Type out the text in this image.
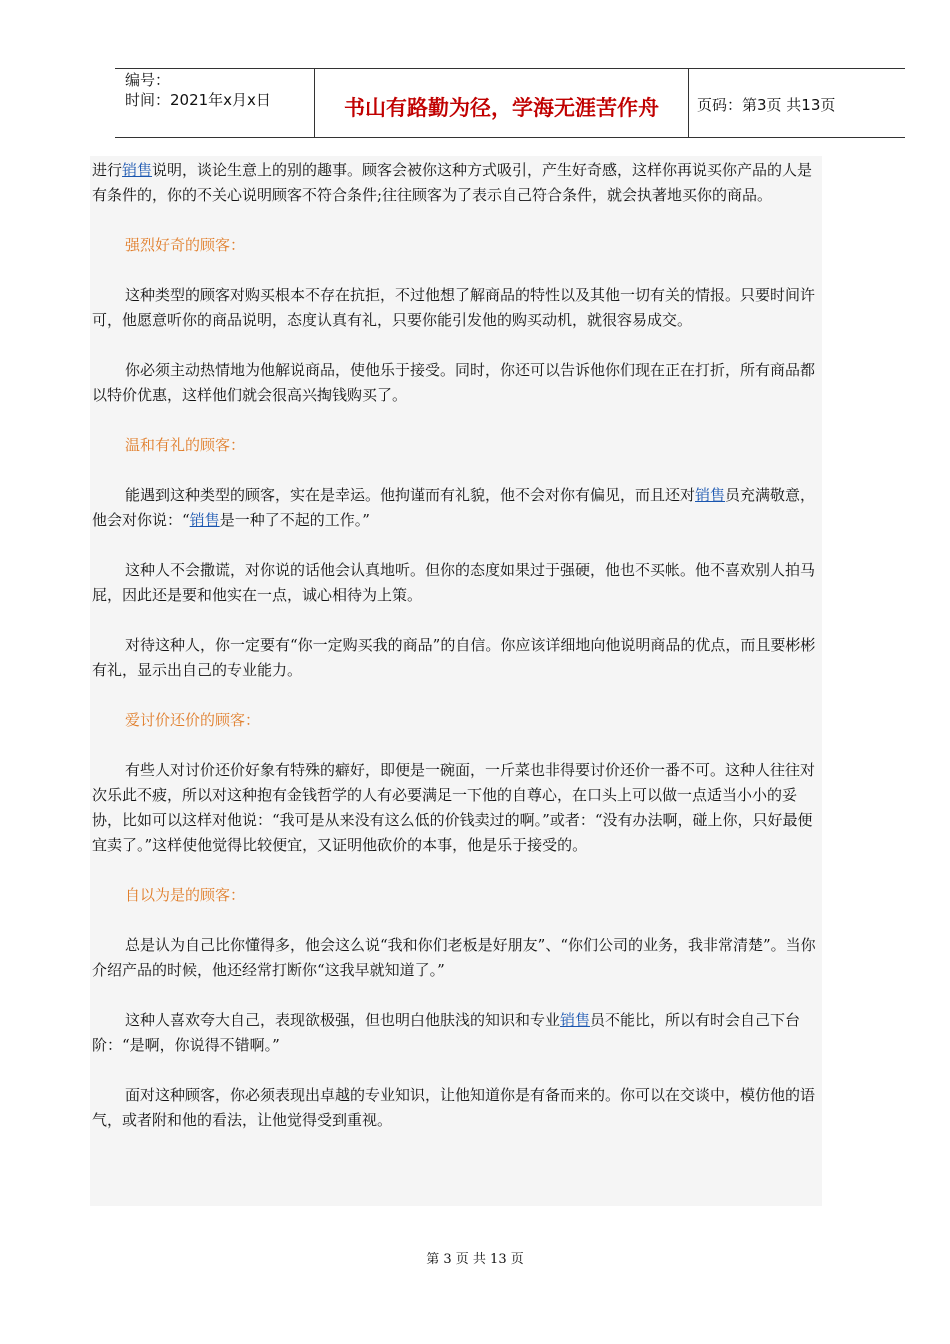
编号：
时间：2021年x月x日	书山有路勤为径，学海无涯苦作舟	页码：第3页 共13页

进行销售说明，谈论生意上的别的趣事。顾客会被你这种方式吸引，产生好奇感，这样你再说买你产品的人是有条件的，你的不关心说明顾客不符合条件;往往顾客为了表示自己符合条件，就会执著地买你的商品。

强烈好奇的顾客：

这种类型的顾客对购买根本不存在抗拒，不过他想了解商品的特性以及其他一切有关的情报。只要时间许可，他愿意听你的商品说明，态度认真有礼，只要你能引发他的购买动机，就很容易成交。

你必须主动热情地为他解说商品，使他乐于接受。同时，你还可以告诉他你们现在正在打折，所有商品都以特价优惠，这样他们就会很高兴掏钱购买了。

温和有礼的顾客：

能遇到这种类型的顾客，实在是幸运。他拘谨而有礼貌，他不会对你有偏见，而且还对销售员充满敬意，他会对你说：“销售是一种了不起的工作。”

这种人不会撒谎，对你说的话他会认真地听。但你的态度如果过于强硬，他也不买帐。他不喜欢别人拍马屁，因此还是要和他实在一点，诚心相待为上策。

对待这种人，你一定要有“你一定购买我的商品”的自信。你应该详细地向他说明商品的优点，而且要彬彬有礼，显示出自己的专业能力。

爱讨价还价的顾客：

有些人对讨价还价好象有特殊的癖好，即便是一碗面，一斤菜也非得要讨价还价一番不可。这种人往往对次乐此不疲，所以对这种抱有金钱哲学的人有必要满足一下他的自尊心，在口头上可以做一点适当小小的妥协，比如可以这样对他说：“我可是从来没有这么低的价钱卖过的啊。”或者：“没有办法啊，碰上你，只好最便宜卖了。”这样使他觉得比较便宜，又证明他砍价的本事，他是乐于接受的。

自以为是的顾客：

总是认为自己比你懂得多，他会这么说“我和你们老板是好朋友”、“你们公司的业务，我非常清楚”。当你介绍产品的时候，他还经常打断你“这我早就知道了。”

这种人喜欢夸大自己，表现欲极强，但也明白他肤浅的知识和专业销售员不能比，所以有时会自己下台阶：“是啊，你说得不错啊。”

面对这种顾客，你必须表现出卓越的专业知识，让他知道你是有备而来的。你可以在交谈中，模仿他的语气，或者附和他的看法，让他觉得受到重视。

第 3 页 共 13 页
